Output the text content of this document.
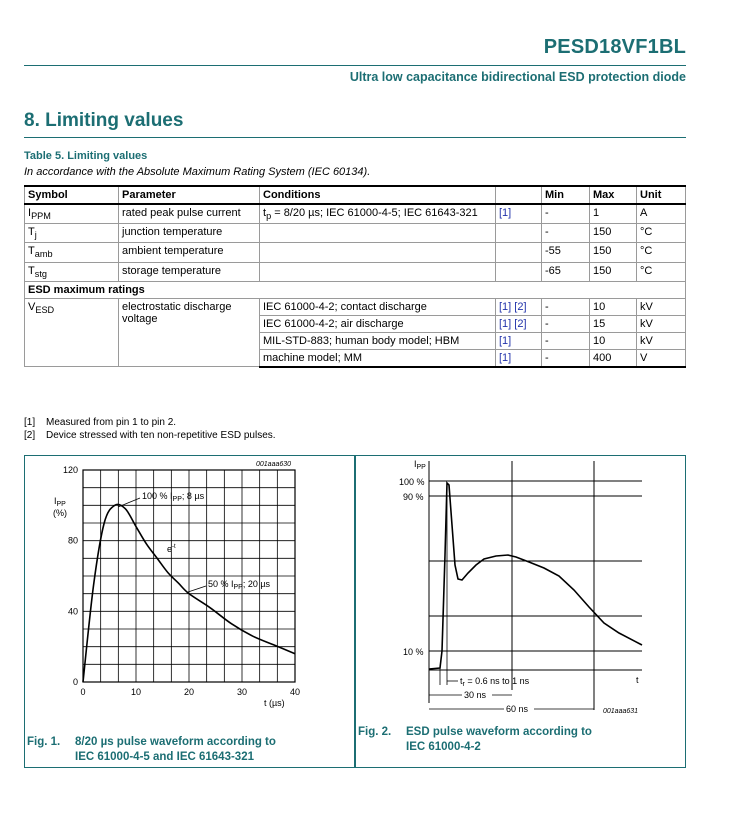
PESD18VF1BL
Ultra low capacitance bidirectional ESD protection diode
8. Limiting values
Table 5. Limiting values
In accordance with the Absolute Maximum Rating System (IEC 60134).
Symbol	Parameter	Conditions		Min	Max	Unit
$I_{PPM}$	rated peak pulse current	$t_p = 8/20$ µs; IEC 61000-4-5; IEC 61643-321	[1]	-	1	A
$T_j$	junction temperature			-	150	°C
$T_{amb}$	ambient temperature			-55	150	°C
$T_{stg}$	storage temperature			-65	150	°C
ESD maximum ratings						
$V_{ESD}$	electrostatic discharge voltage	IEC 61000-4-2; contact discharge	[1] [2]	-	10	kV
		IEC 61000-4-2; air discharge	[1] [2]	-	15	kV
		MIL-STD-883; human body model; HBM	[1]	-	10	kV
		machine model; MM	[1]	-	400	V
[1] Measured from pin 1 to pin 2.
[2] Device stressed with ten non-repetitive ESD pulses.
120
80
40
0
0	10	20	30	40
001aaa630
$I_{PP}$
(%)
t (µs)
100 % $I_{PP}$; 8 µs
$e^{-t}$
50 % $I_{PP}$; 20 µs
Fig. 1. 8/20 µs pulse waveform according to
IEC 61000-4-5 and IEC 61643-321
$I_{PP}$
100 %
90 %
10 %
t
$t_r = 0.6$ ns to 1 ns
30 ns
60 ns	001aaa631
Fig. 2. ESD pulse waveform according to
IEC 61000-4-2
